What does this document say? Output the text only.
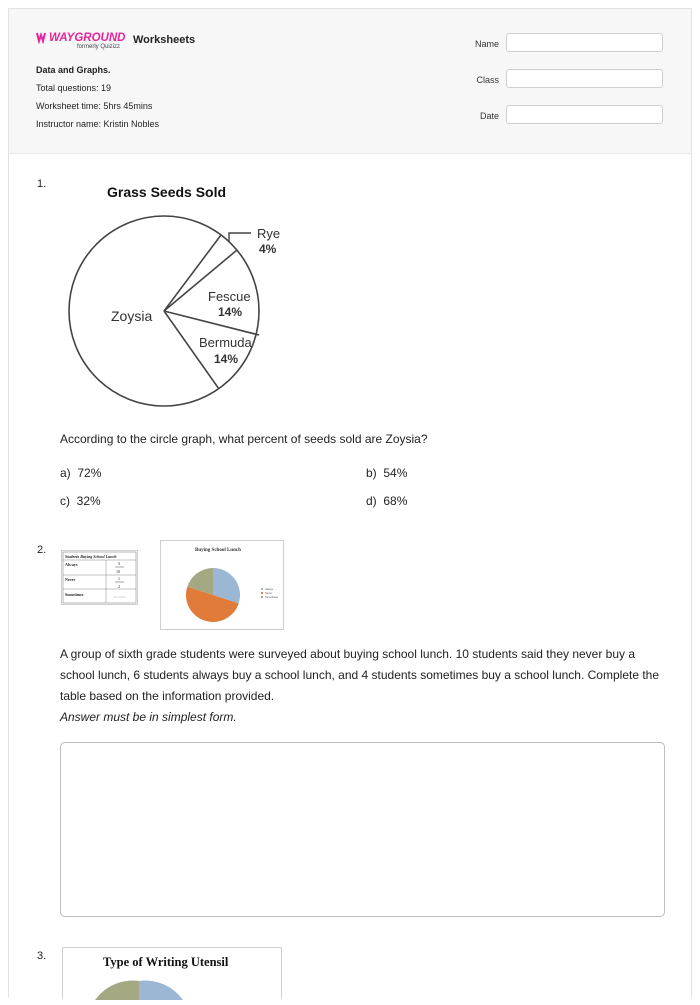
WAYGROUND
formerly Quizizz
Worksheets
Data and Graphs.
Total questions: 19
Worksheet time: 5hrs 45mins
Instructor name: Kristin Nobles
Name
Class
Date
1.	Grass Seeds Sold
Rye
4%
Zoysia
Fescue
14%
Bermuda
14%
According to the circle graph, what percent of seeds sold are Zoysia?
a) 72%	b) 54%
c) 32%	d) 68%
2.
Students Buying School Lunch
Always	3
10
Never	1
2
Sometimes
Buying School Lunch
Always
Never
Sometimes
A group of sixth grade students were surveyed about buying school lunch. 10 students said they never buy a school lunch, 6 students always buy a school lunch, and 4 students sometimes buy a school lunch. Complete the table based on the information provided.
Answer must be in simplest form.
3.	Type of Writing Utensil
